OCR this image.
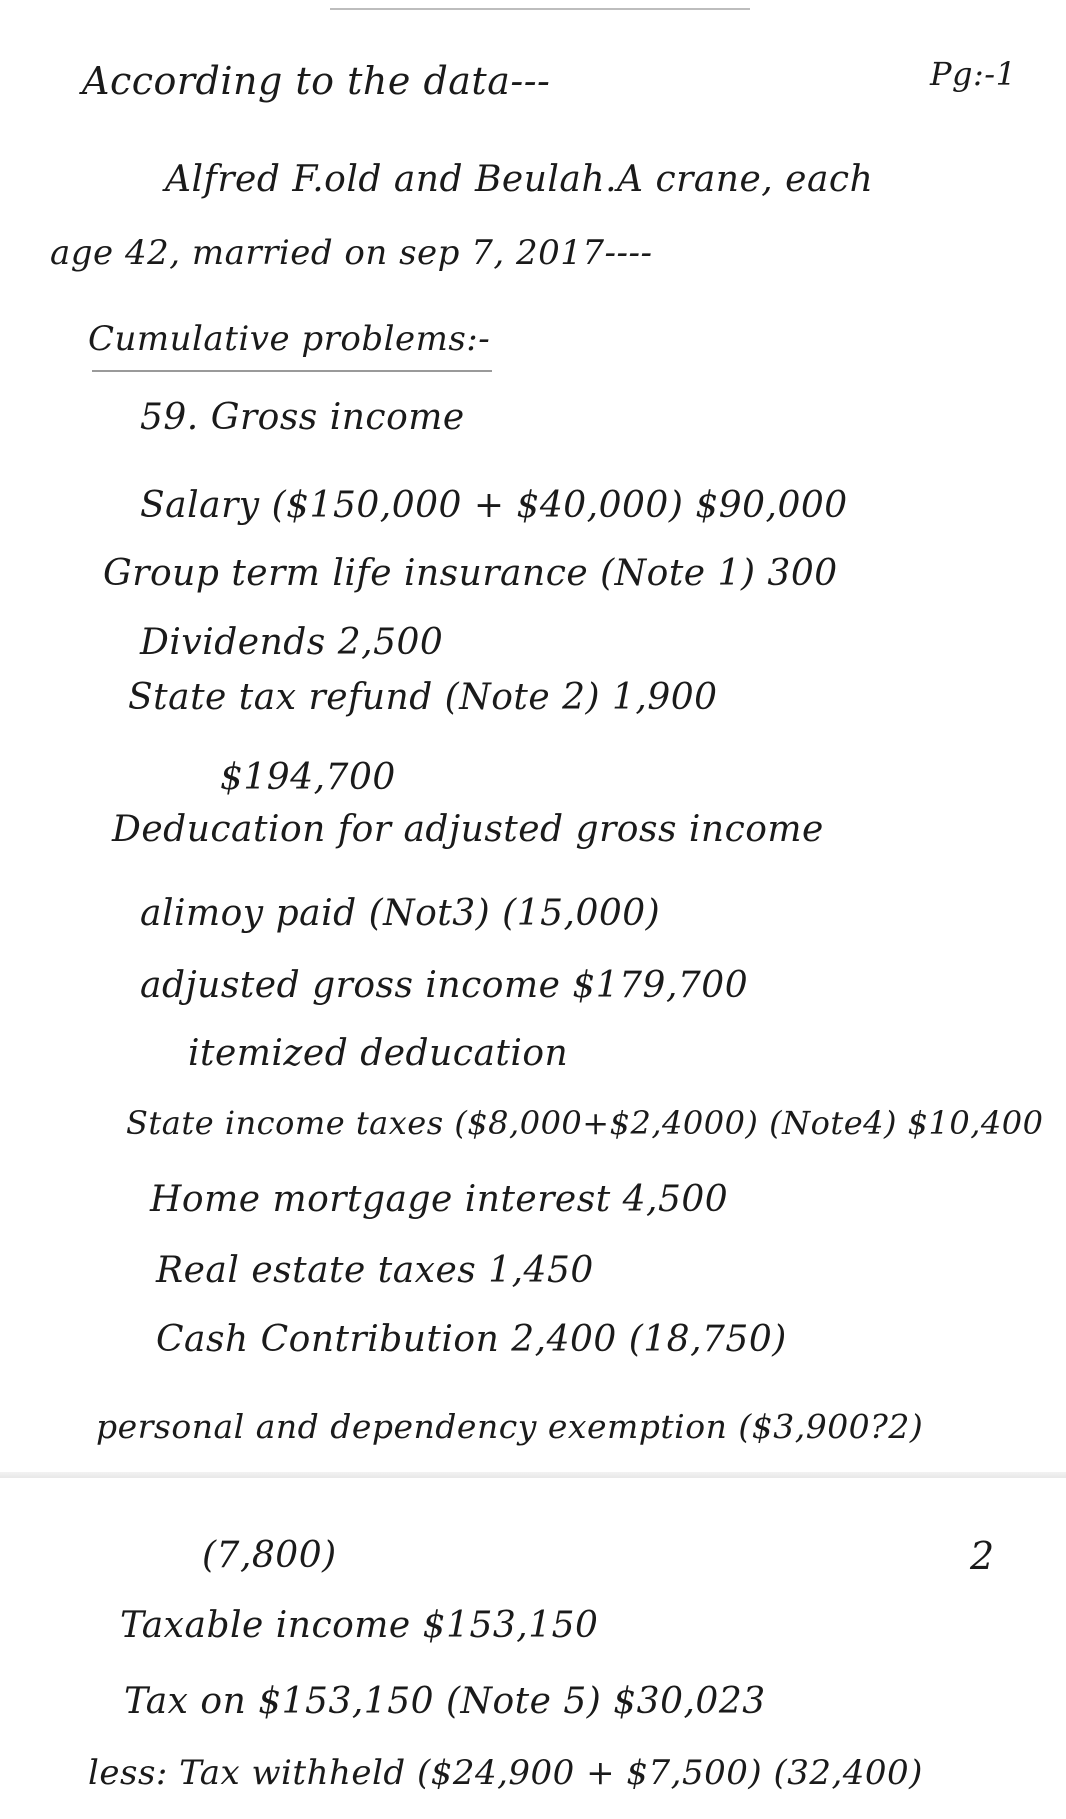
According to the data---	Pg:-1
Alfred F.old and Beulah.A crane, each
age 42, married on sep 7, 2017----
Cumulative problems:-
59. Gross income
Salary ($150,000 + $40,000) $90,000
Group term life insurance (Note 1) 300
Dividends 2,500
State tax refund (Note 2) 1,900
$194,700
Deducation for adjusted gross income
alimoy paid (Not3) (15,000)
adjusted gross income $179,700
itemized deducation
State income taxes ($8,000+$2,4000) (Note4) $10,400
Home mortgage interest 4,500
Real estate taxes 1,450
Cash Contribution 2,400 (18,750)
personal and dependency exemption ($3,900?2)
(7,800)	2
Taxable income $153,150
Tax on $153,150 (Note 5) $30,023
less: Tax withheld ($24,900 + $7,500) (32,400)
